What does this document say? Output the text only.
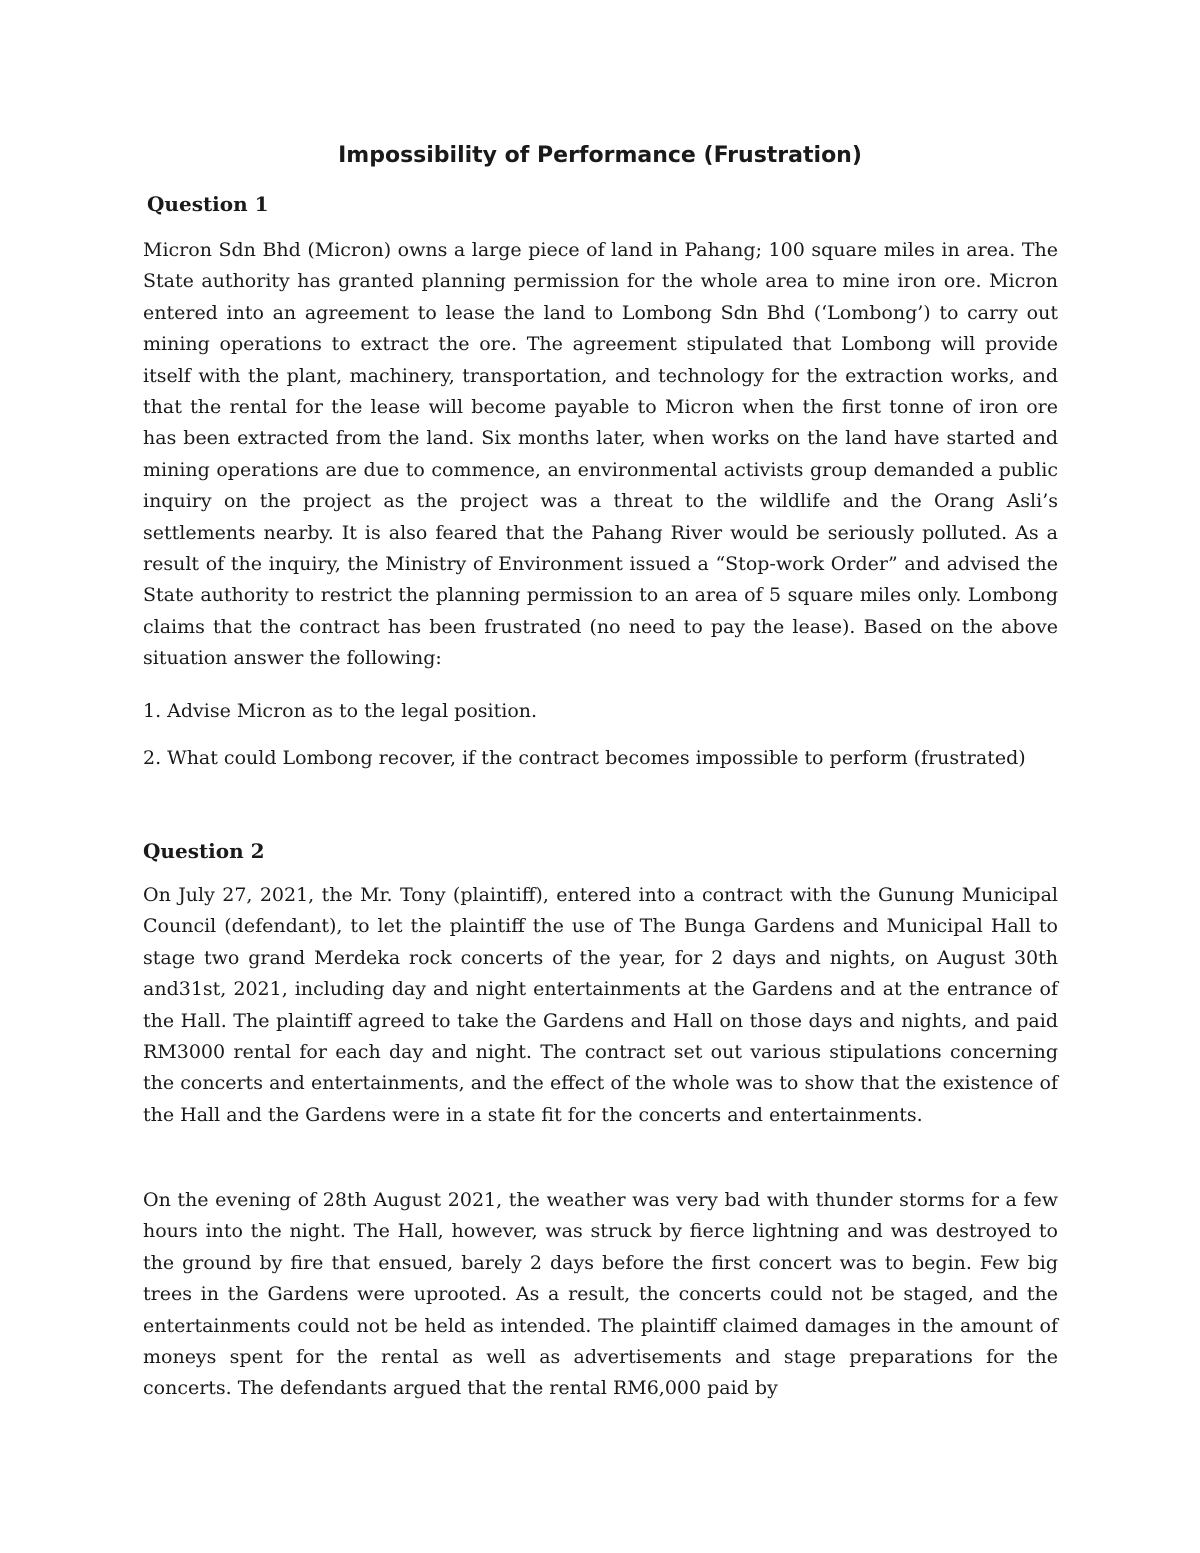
Impossibility of Performance (Frustration)
Question 1

Micron Sdn Bhd (Micron) owns a large piece of land in Pahang; 100 square miles in area. The State authority has granted planning permission for the whole area to mine iron ore. Micron entered into an agreement to lease the land to Lombong Sdn Bhd (‘Lombong’) to carry out mining operations to extract the ore. The agreement stipulated that Lombong will provide itself with the plant, machinery, transportation, and technology for the extraction works, and that the rental for the lease will become payable to Micron when the first tonne of iron ore has been extracted from the land. Six months later, when works on the land have started and mining operations are due to commence, an environmental activists group demanded a public inquiry on the project as the project was a threat to the wildlife and the Orang Asli’s settlements nearby. It is also feared that the Pahang River would be seriously polluted. As a result of the inquiry, the Ministry of Environment issued a “Stop-work Order” and advised the State authority to restrict the planning permission to an area of 5 square miles only. Lombong claims that the contract has been frustrated (no need to pay the lease). Based on the above situation answer the following:

1. Advise Micron as to the legal position.

2. What could Lombong recover, if the contract becomes impossible to perform (frustrated)

Question 2

On July 27, 2021, the Mr. Tony (plaintiff), entered into a contract with the Gunung Municipal Council (defendant), to let the plaintiff the use of The Bunga Gardens and Municipal Hall to stage two grand Merdeka rock concerts of the year, for 2 days and nights, on August 30th and31st, 2021, including day and night entertainments at the Gardens and at the entrance of the Hall. The plaintiff agreed to take the Gardens and Hall on those days and nights, and paid RM3000 rental for each day and night. The contract set out various stipulations concerning the concerts and entertainments, and the effect of the whole was to show that the existence of the Hall and the Gardens were in a state fit for the concerts and entertainments.

On the evening of 28th August 2021, the weather was very bad with thunder storms for a few hours into the night. The Hall, however, was struck by fierce lightning and was destroyed to the ground by fire that ensued, barely 2 days before the first concert was to begin. Few big trees in the Gardens were uprooted. As a result, the concerts could not be staged, and the entertainments could not be held as intended. The plaintiff claimed damages in the amount of moneys spent for the rental as well as advertisements and stage preparations for the concerts. The defendants argued that the rental RM6,000 paid by
